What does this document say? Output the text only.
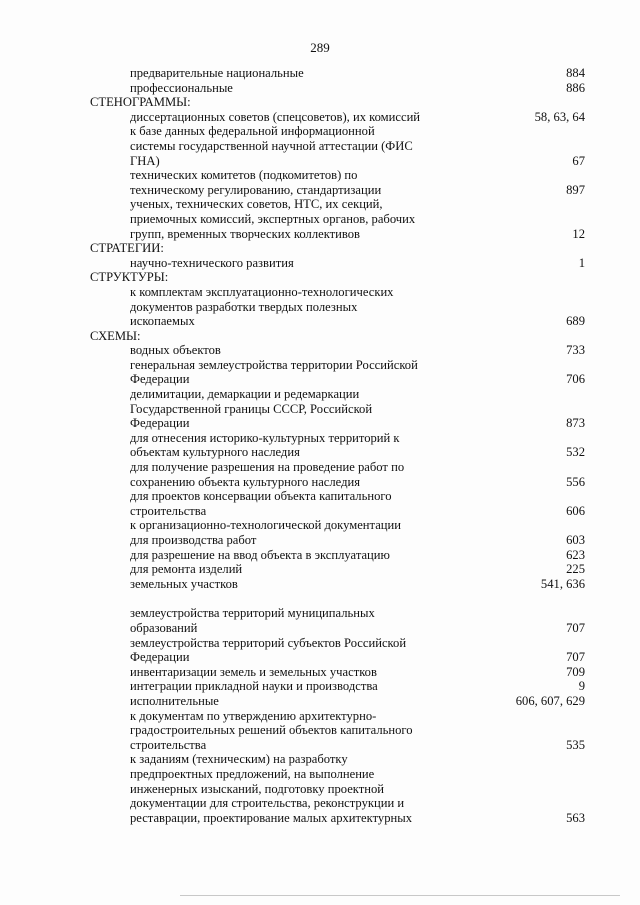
289
предварительные национальные	884
профессиональные	886
СТЕНОГРАММЫ:
диссертационных советов (спецсоветов), их комиссий	58, 63, 64
к базе данных федеральной информационной
системы государственной научной аттестации (ФИС
ГНА)	67
технических комитетов (подкомитетов) по
техническому регулированию, стандартизации	897
ученых, технических советов, НТС, их секций,
приемочных комиссий, экспертных органов, рабочих
групп, временных творческих коллективов	12
СТРАТЕГИИ:
научно-технического развития	1
СТРУКТУРЫ:
к комплектам эксплуатационно-технологических
документов разработки твердых полезных
ископаемых	689
СХЕМЫ:
водных объектов	733
генеральная землеустройства территории Российской
Федерации	706
делимитации, демаркации и редемаркации
Государственной границы СССР, Российской
Федерации	873
для отнесения историко-культурных территорий к
объектам культурного наследия	532
для получение разрешения на проведение работ по
сохранению объекта культурного наследия	556
для проектов консервации объекта капитального
строительства	606
к организационно-технологической документации
для производства работ	603
для разрешение на ввод объекта в эксплуатацию	623
для ремонта изделий	225
земельных участков	541, 636
землеустройства территорий муниципальных
образований	707
землеустройства территорий субъектов Российской
Федерации	707
инвентаризации земель и земельных участков	709
интеграции прикладной науки и производства	9
исполнительные	606, 607, 629
к документам по утверждению архитектурно-
градостроительных решений объектов капитального
строительства	535
к заданиям (техническим) на разработку
предпроектных предложений, на выполнение
инженерных изысканий, подготовку проектной
документации для строительства, реконструкции и
реставрации, проектирование малых архитектурных	563
